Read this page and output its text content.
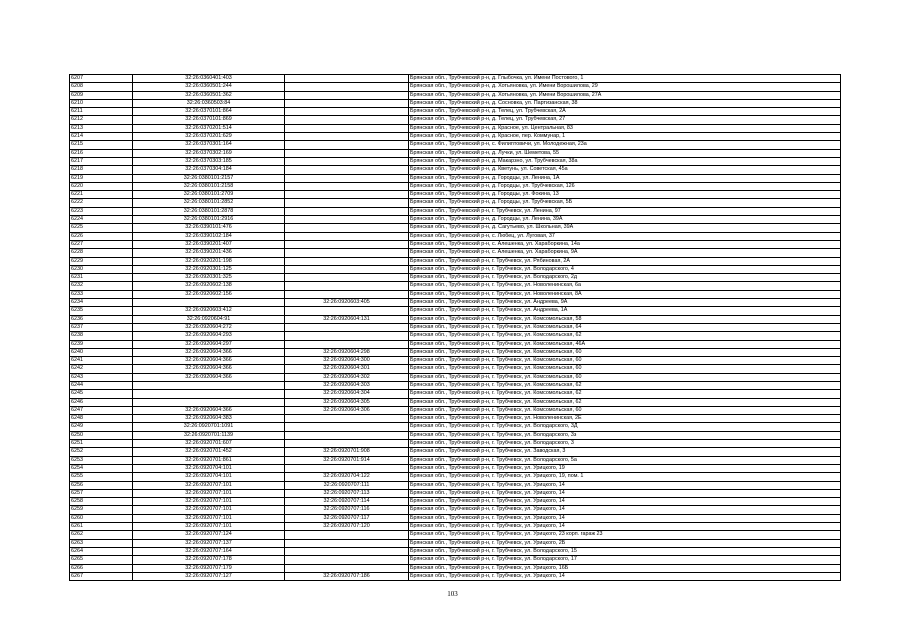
6207	32:26:0360401:403		Брянская обл., Трубчевский р-н, д. Глыбочка, ул. Имени Постового, 1
6208	32:26:0360501:244		Брянская обл., Трубчевский р-н, д. Хотьяновка, ул. Имени Ворошилова, 29
6209	32:26:0360501:362		Брянская обл., Трубчевский р-н, д. Хотьяновка, ул. Имени Ворошилова, 27А
6210	32:26:0360503:84		Брянская обл., Трубчевский р-н, д. Сосновка, ул. Партизанская, 38
6211	32:26:0370101:864		Брянская обл., Трубчевский р-н, д. Телец, ул. Трубчевская, 2А
6212	32:26:0370101:869		Брянская обл., Трубчевский р-н, д. Телец, ул. Трубчевская, 27
6213	32:26:0370201:514		Брянская обл., Трубчевский р-н, д. Красное, ул. Центральная, 83
6214	32:26:0370201:629		Брянская обл., Трубчевский р-н, д. Красное, пер. Коммунар, 1
6215	32:26:0370301:164		Брянская обл., Трубчевский р-н, с. Филиптовичи, ул. Молодежная, 23а
6216	32:26:0370302:169		Брянская обл., Трубчевский р-н, д. Лучки, ул. Шеметова, 55
6217	32:26:0370303:185		Брянская обл., Трубчевский р-н, д. Макарзно, ул. Трубчевская, 38а
6218	32:26:0370304:184		Брянская обл., Трубчевский р-н, д. Кветунь, ул. Советская, 45а
6219	32:26:0380101:2157		Брянская обл., Трубчевский р-н, д. Городцы, ул. Ленина, 1А
6220	32:26:0380101:2158		Брянская обл., Трубчевский р-н, д. Городцы, ул. Трубчевская, 126
6221	32:26:0380101:2709		Брянская обл., Трубчевский р-н, д. Городцы, ул. Фокина, 13
6222	32:26:0380101:2852		Брянская обл., Трубчевский р-н, д. Городцы, ул. Трубчевская, 5Б
6223	32:26:0380101:2878		Брянская обл., Трубчевский р-н, г. Трубчевск, ул. Ленина, 97
6224	32:26:0380101:2916		Брянская обл., Трубчевский р-н, д. Городцы, ул. Ленина, 39А
6225	32:26:0390101:476		Брянская обл., Трубчевский р-н, д. Сагутьево, ул. Школьная, 39А
6226	32:26:0390102:184		Брянская обл., Трубчевский р-н, с. Любец, ул. Луговая, 37
6227	32:26:0390201:407		Брянская обл., Трубчевский р-н, с. Алешенка, ул. Харабоpкина, 14а
6228	32:26:0390201:436		Брянская обл., Трубчевский р-н, с. Алешенка, ул. Харабоpкина, 9А
6229	32:26:0920201:198		Брянская обл., Трубчевский р-н, г. Трубчевск, ул. Рябиновая, 2А
6230	32:26:0920301:125		Брянская обл., Трубчевский р-н, г. Трубчевск, ул. Володарского, 4
6231	32:26:0920301:325		Брянская обл., Трубчевский р-н, г. Трубчевск, ул. Володарского, 2д
6232	32:26:0920602:138		Брянская обл., Трубчевский р-н, г. Трубчевск, ул. Новоленинская, 6а
6233	32:26:0920602:156		Брянская обл., Трубчевский р-н, г. Трубчевск, ул. Новоленинская, 8А
6234		32:26:0920603:405	Брянская обл., Трубчевский р-н, г. Трубчевск, ул. Андреева, 9А
6235	32:26:0920603:412		Брянская обл., Трубчевский р-н, г. Трубчевск, ул. Андреева, 1А
6236	32:26:0920604:91	32:26:0920604:131	Брянская обл., Трубчевский р-н, г. Трубчевск, ул. Комсомольская, 58
6237	32:26:0920604:272		Брянская обл., Трубчевский р-н, г. Трубчевск, ул. Комсомольская, 64
6238	32:26:0920604:293		Брянская обл., Трубчевский р-н, г. Трубчевск, ул. Комсомольская, 62
6239	32:26:0920604:297		Брянская обл., Трубчевский р-н, г. Трубчевск, ул. Комсомольская, 46А
6240	32:26:0920604:366	32:26:0920604:298	Брянская обл., Трубчевский р-н, г. Трубчевск, ул. Комсомольская, 60
6241	32:26:0920604:366	32:26:0920604:300	Брянская обл., Трубчевский р-н, г. Трубчевск, ул. Комсомольская, 60
6242	32:26:0920604:366	32:26:0920604:301	Брянская обл., Трубчевский р-н, г. Трубчевск, ул. Комсомольская, 60
6243	32:26:0920604:366	32:26:0920604:302	Брянская обл., Трубчевский р-н, г. Трубчевск, ул. Комсомольская, 60
6244		32:26:0920604:303	Брянская обл., Трубчевский р-н, г. Трубчевск, ул. Комсомольская, 62
6245		32:26:0920604:304	Брянская обл., Трубчевский р-н, г. Трубчевск, ул. Комсомольская, 62
6246		32:26:0920604:305	Брянская обл., Трубчевский р-н, г. Трубчевск, ул. Комсомольская, 62
6247	32:26:0920604:366	32:26:0920604:306	Брянская обл., Трубчевский р-н, г. Трубчевск, ул. Комсомольская, 60
6248	32:26:0920604:383		Брянская обл., Трубчевский р-н, г. Трубчевск, ул. Новоленинская, 2Е
6249	32:26:0920701:1091		Брянская обл., Трубчевский р-н, г. Трубчевск, ул. Володарского, 3Д
6250	32:26:0920701:1139		Брянская обл., Трубчевский р-н, г. Трубчевск, ул. Володарского, 3з
6251	32:26:0920701:607		Брянская обл., Трубчевский р-н, г. Трубчевск, ул. Володарского, 3
6252	32:26:0920701:452	32:26:0920701:908	Брянская обл., Трубчевский р-н, г. Трубчевск, ул. Заводская, 3
6253	32:26:0920701:861	32:26:0920701:914	Брянская обл., Трубчевский р-н, г. Трубчевск, ул. Володарского, 5а
6254	32:26:0920704:101		Брянская обл., Трубчевский р-н, г. Трубчевск, ул. Урицкого, 19
6255	32:26:0920704:101	32:26:0920704:122	Брянская обл., Трубчевский р-н, г. Трубчевск, ул. Урицкого, 19, пом. 1
6256	32:26:0920707:101	32:26:0920707:111	Брянская обл., Трубчевский р-н, г. Трубчевск, ул. Урицкого, 14
6257	32:26:0920707:101	32:26:0920707:113	Брянская обл., Трубчевский р-н, г. Трубчевск, ул. Урицкого, 14
6258	32:26:0920707:101	32:26:0920707:114	Брянская обл., Трубчевский р-н, г. Трубчевск, ул. Урицкого, 14
6259	32:26:0920707:101	32:26:0920707:116	Брянская обл., Трубчевский р-н, г. Трубчевск, ул. Урицкого, 14
6260	32:26:0920707:101	32:26:0920707:117	Брянская обл., Трубчевский р-н, г. Трубчевск, ул. Урицкого, 14
6261	32:26:0920707:101	32:26:0920707:120	Брянская обл., Трубчевский р-н, г. Трубчевск, ул. Урицкого, 14
6262	32:26:0920707:124		Брянская обл., Трубчевский р-н, г. Трубчевск, ул. Урицкого, 23 корп. гараж 23
6263	32:26:0920707:137		Брянская обл., Трубчевский р-н, г. Трубчевск, ул. Урицкого, 2Б
6264	32:26:0920707:164		Брянская обл., Трубчевский р-н, г. Трубчевск, ул. Володарского, 15
6265	32:26:0920707:178		Брянская обл., Трубчевский р-н, г. Трубчевск, ул. Володарского, 17
6266	32:26:0920707:179		Брянская обл., Трубчевский р-н, г. Трубчевск, ул. Урицкого, 16Б
6267	32:26:0920707:127	32:26:0920707:186	Брянская обл., Трубчевский р-н, г. Трубчевск, ул. Урицкого, 14
103
